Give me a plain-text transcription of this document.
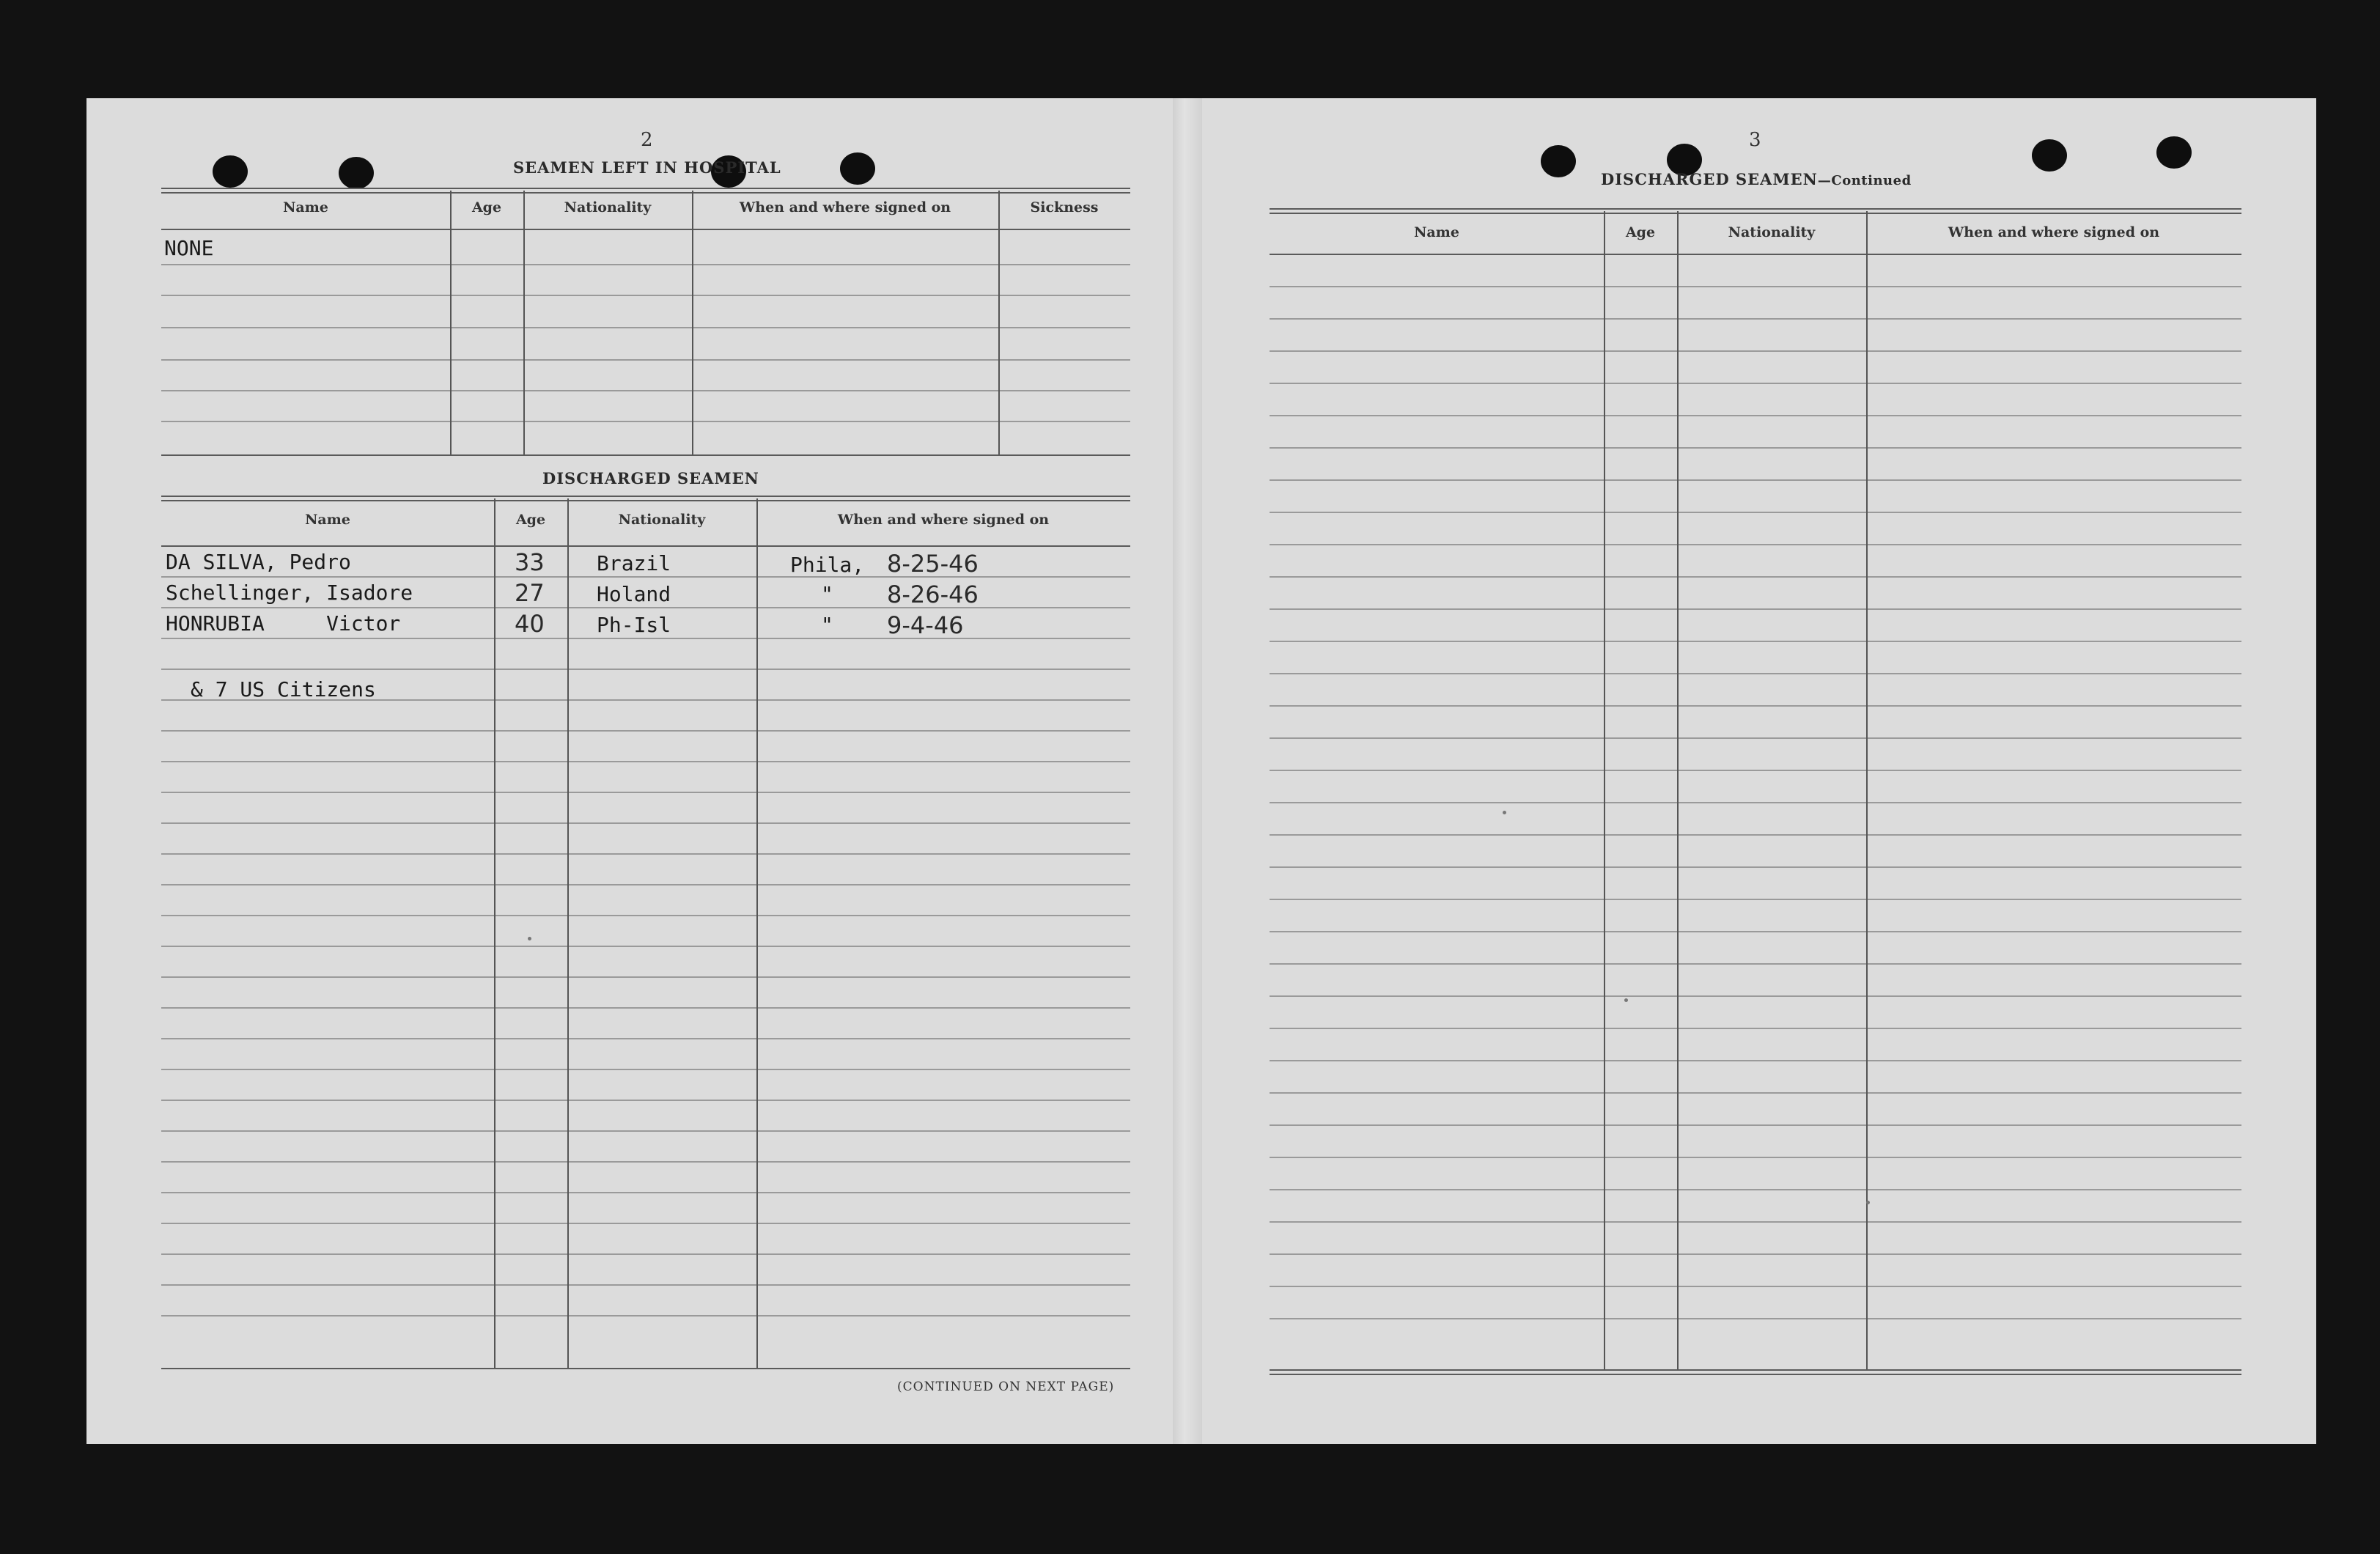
2
SEAMEN LEFT IN HOSPITAL
Name	Age	Nationality	When and where signed on	Sickness
NONE
DISCHARGED SEAMEN
Name	Age	Nationality	When and where signed on
DA SILVA, Pedro	33	Brazil	Phila, 8-25-46
Schellinger, Isadore	27	Holand	" 8-26-46
HONRUBIA     Victor	40	Ph-Isl	" 9-4-46
& 7 US Citizens
(CONTINUED ON NEXT PAGE)
3
DISCHARGED SEAMEN—Continued
Name	Age	Nationality	When and where signed on
